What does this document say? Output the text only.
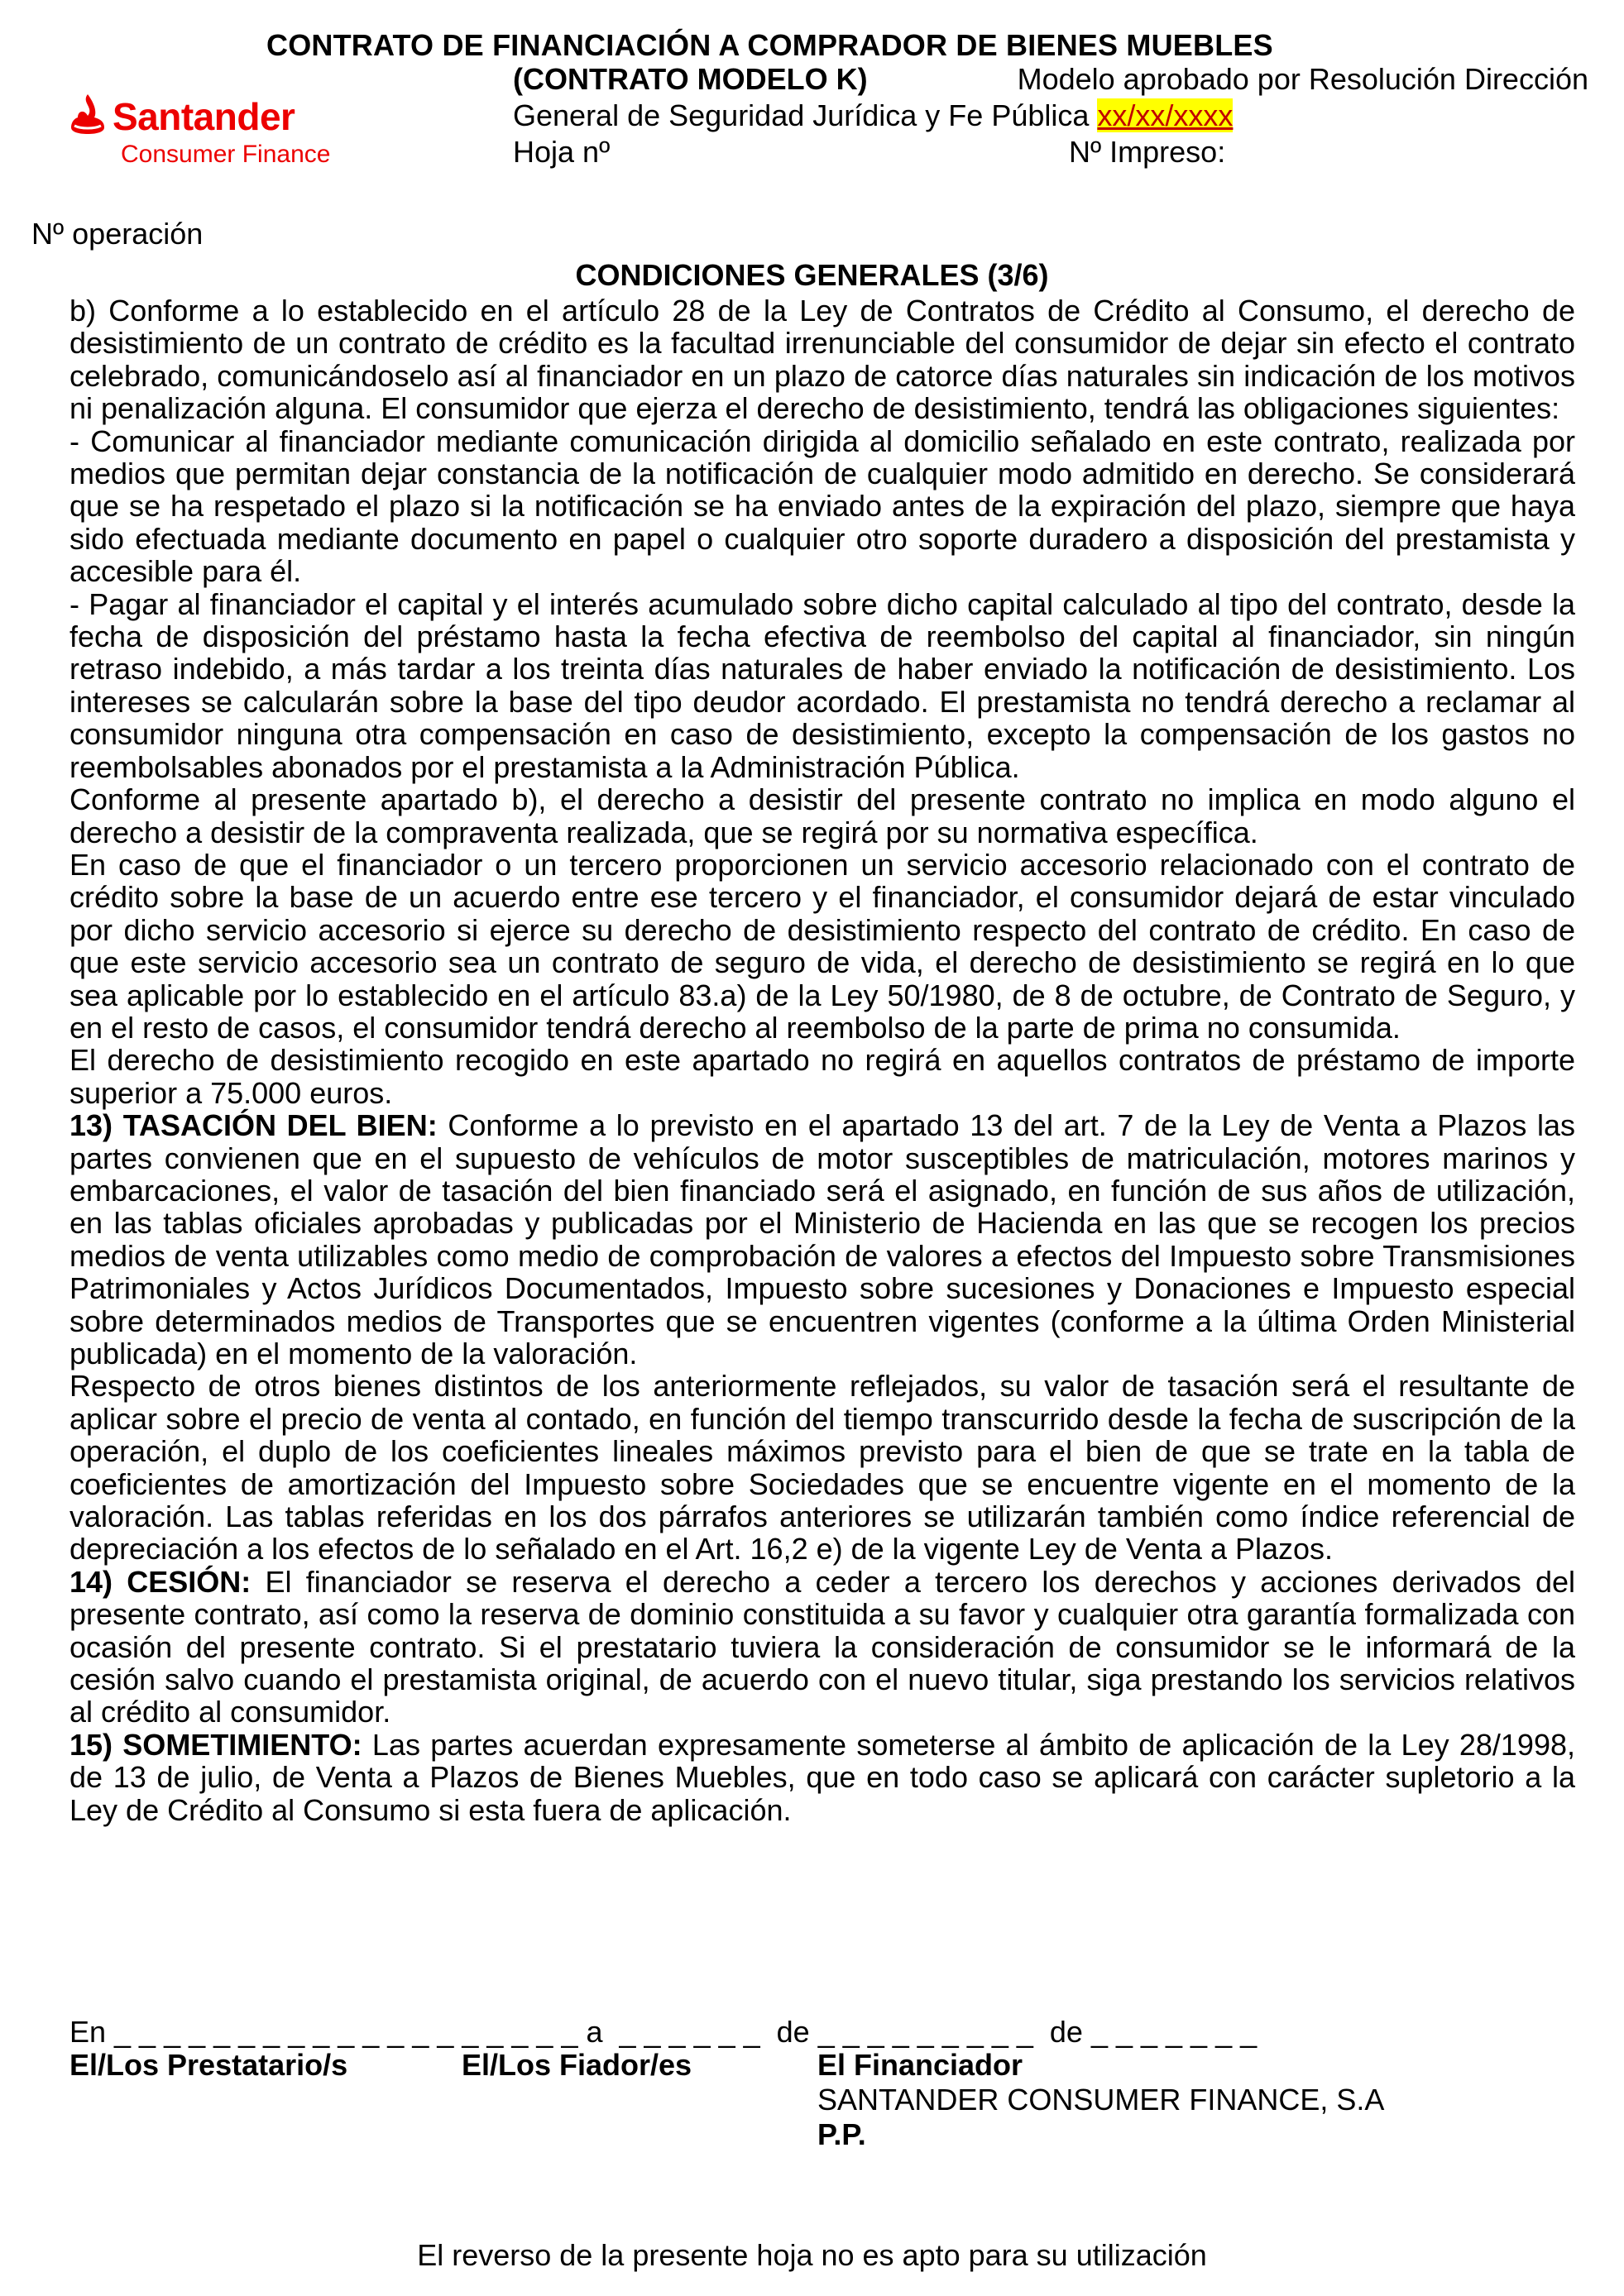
CONTRATO DE FINANCIACIÓN A COMPRADOR DE BIENES MUEBLES
Santander
Consumer Finance
(CONTRATO MODELO K)	Modelo aprobado por Resolución Dirección
General de Seguridad Jurídica y Fe Pública xx/xx/xxxx
Hoja nº	Nº Impreso:
Nº operación
CONDICIONES GENERALES (3/6)

b) Conforme a lo establecido en el artículo 28 de la Ley de Contratos de Crédito al Consumo, el derecho de desistimiento de un contrato de crédito es la facultad irrenunciable del consumidor de dejar sin efecto el contrato celebrado, comunicándoselo así al financiador en un plazo de catorce días naturales sin indicación de los motivos ni penalización alguna. El consumidor que ejerza el derecho de desistimiento, tendrá las obligaciones siguientes:

- Comunicar al financiador mediante comunicación dirigida al domicilio señalado en este contrato, realizada por medios que permitan dejar constancia de la notificación de cualquier modo admitido en derecho. Se considerará que se ha respetado el plazo si la notificación se ha enviado antes de la expiración del plazo, siempre que haya sido efectuada mediante documento en papel o cualquier otro soporte duradero a disposición del prestamista y accesible para él.

- Pagar al financiador el capital y el interés acumulado sobre dicho capital calculado al tipo del contrato, desde la fecha de disposición del préstamo hasta la fecha efectiva de reembolso del capital al financiador, sin ningún retraso indebido, a más tardar a los treinta días naturales de haber enviado la notificación de desistimiento. Los intereses se calcularán sobre la base del tipo deudor acordado. El prestamista no tendrá derecho a reclamar al consumidor ninguna otra compensación en caso de desistimiento, excepto la compensación de los gastos no reembolsables abonados por el prestamista a la Administración Pública.

Conforme al presente apartado b), el derecho a desistir del presente contrato no implica en modo alguno el derecho a desistir de la compraventa realizada, que se regirá por su normativa específica.

En caso de que el financiador o un tercero proporcionen un servicio accesorio relacionado con el contrato de crédito sobre la base de un acuerdo entre ese tercero y el financiador, el consumidor dejará de estar vinculado por dicho servicio accesorio si ejerce su derecho de desistimiento respecto del contrato de crédito. En caso de que este servicio accesorio sea un contrato de seguro de vida, el derecho de desistimiento se regirá en lo que sea aplicable por lo establecido en el artículo 83.a) de la Ley 50/1980, de 8 de octubre, de Contrato de Seguro, y en el resto de casos, el consumidor tendrá derecho al reembolso de la parte de prima no consumida.

El derecho de desistimiento recogido en este apartado no regirá en aquellos contratos de préstamo de importe superior a 75.000 euros.

13) TASACIÓN DEL BIEN: Conforme a lo previsto en el apartado 13 del art. 7 de la Ley de Venta a Plazos las partes convienen que en el supuesto de vehículos de motor susceptibles de matriculación, motores marinos y embarcaciones, el valor de tasación del bien financiado será el asignado, en función de sus años de utilización, en las tablas oficiales aprobadas y publicadas por el Ministerio de Hacienda en las que se recogen los precios medios de venta utilizables como medio de comprobación de valores a efectos del Impuesto sobre Transmisiones Patrimoniales y Actos Jurídicos Documentados, Impuesto sobre sucesiones y Donaciones e Impuesto especial sobre determinados medios de Transportes que se encuentren vigentes (conforme a la última Orden Ministerial publicada) en el momento de la valoración.

Respecto de otros bienes distintos de los anteriormente reflejados, su valor de tasación será el resultante de aplicar sobre el precio de venta al contado, en función del tiempo transcurrido desde la fecha de suscripción de la operación, el duplo de los coeficientes lineales máximos previsto para el bien de que se trate en la tabla de coeficientes de amortización del Impuesto sobre Sociedades que se encuentre vigente en el momento de la valoración. Las tablas referidas en los dos párrafos anteriores se utilizarán también como índice referencial de depreciación a los efectos de lo señalado en el Art. 16,2 e) de la vigente Ley de Venta a Plazos.

14) CESIÓN: El financiador se reserva el derecho a ceder a tercero los derechos y acciones derivados del presente contrato, así como la reserva de dominio constituida a su favor y cualquier otra garantía formalizada con ocasión del presente contrato. Si el prestatario tuviera la consideración de consumidor se le informará de la cesión salvo cuando el prestamista original, de acuerdo con el nuevo titular, siga prestando los servicios relativos al crédito al consumidor.

15) SOMETIMIENTO: Las partes acuerdan expresamente someterse al ámbito de aplicación de la Ley 28/1998, de 13 de julio, de Venta a Plazos de Bienes Muebles, que en todo caso se aplicará con carácter supletorio a la Ley de Crédito al Consumo si esta fuera de aplicación.

En _ _ _ _ _ _ _ _ _ _ _ _ _ _ _ _ _ _ _ a  _ _ _ _ _ _  de _ _ _ _ _ _ _ _ _  de _ _ _ _ _ _ _
El/Los Prestatario/s	El/Los Fiador/es	El Financiador
SANTANDER CONSUMER FINANCE, S.A
P.P.
El reverso de la presente hoja no es apto para su utilización
